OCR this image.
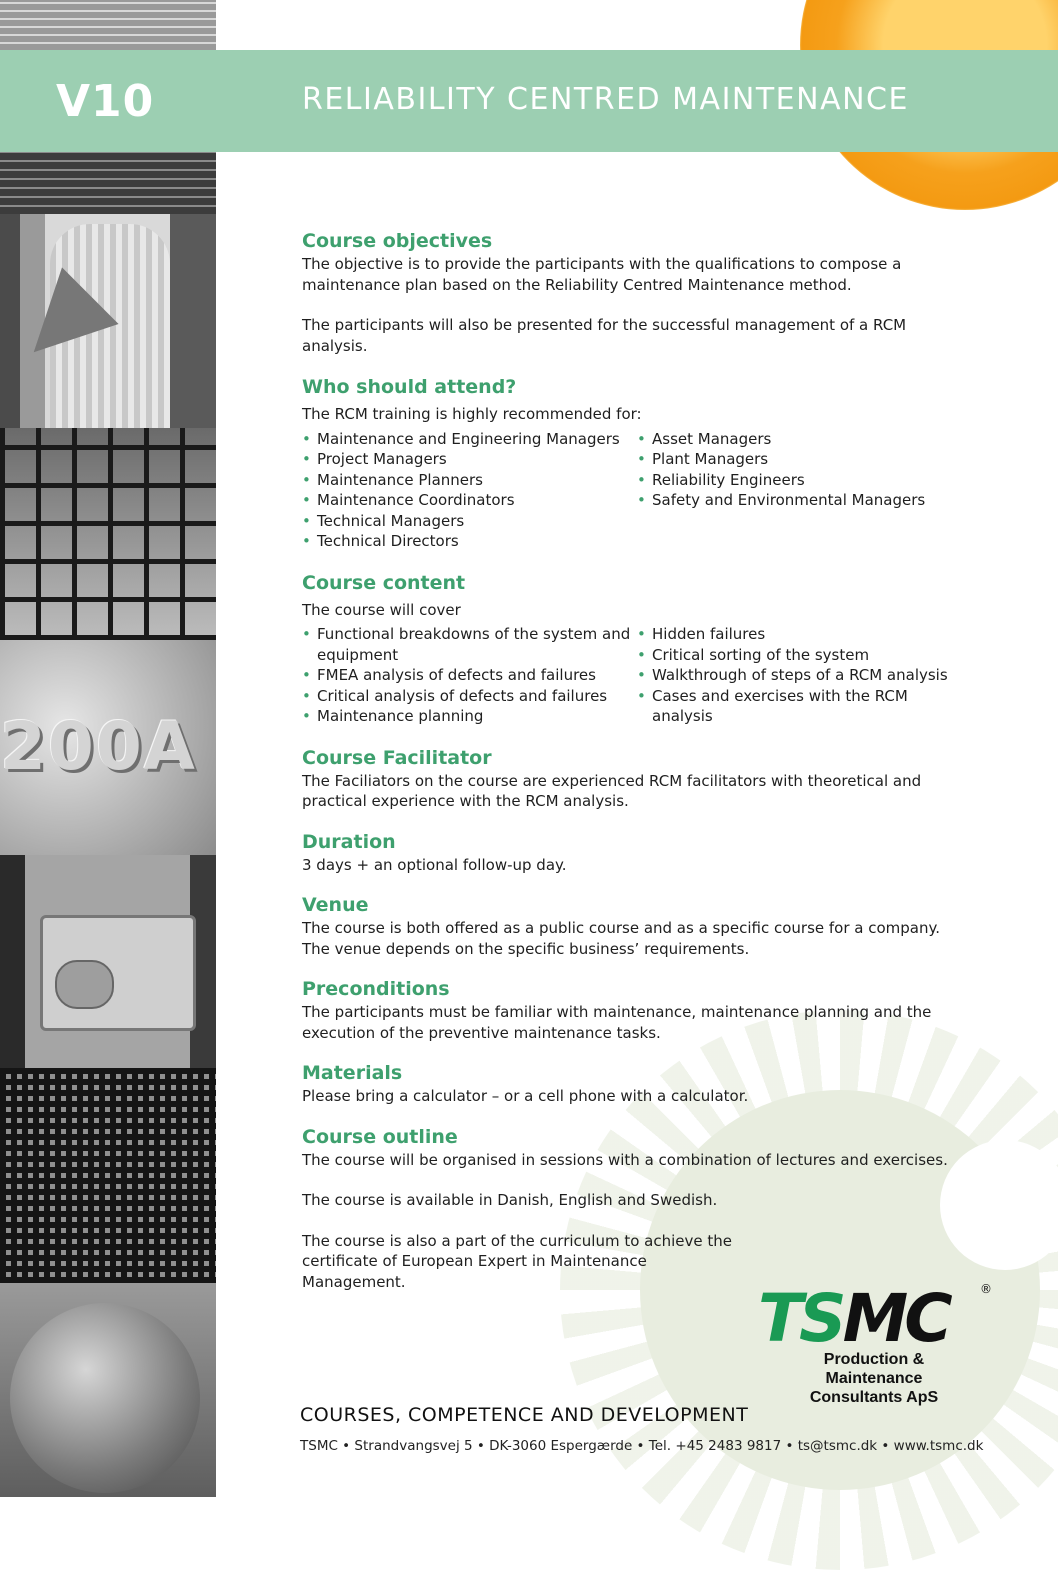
200A
V10	RELIABILITY CENTRED MAINTENANCE
Course objectives

The objective is to provide the participants with the qualifications to compose a maintenance plan based on the Reliability Centred Maintenance method.

The participants will also be presented for the successful management of a RCM analysis.

Who should attend?

The RCM training is highly recommended for:

• Maintenance and Engineering Managers
• Project Managers
• Maintenance Planners
• Maintenance Coordinators
• Technical Managers
• Technical Directors
• Asset Managers
• Plant Managers
• Reliability Engineers
• Safety and Environmental Managers
Course content

The course will cover

• Functional breakdowns of the system and equipment
• FMEA analysis of defects and failures
• Critical analysis of defects and failures
• Maintenance planning
• Hidden failures
• Critical sorting of the system
• Walkthrough of steps of a RCM analysis
• Cases and exercises with the RCM analysis
Course Facilitator

The Faciliators on the course are experienced RCM facilitators with theoretical and practical experience with the RCM analysis.

Duration

3 days + an optional follow-up day.

Venue

The course is both offered as a public course and as a specific course for a company. The venue depends on the specific business’ requirements.

Preconditions

The participants must be familiar with maintenance, maintenance planning and the execution of the preventive maintenance tasks.

Materials

Please bring a calculator – or a cell phone with a calculator.

Course outline

The course will be organised in sessions with a combination of lectures and exercises.

The course is available in Danish, English and Swedish.

The course is also a part of the curriculum to achieve the certificate of European Expert in Maintenance Management.	TSMC	®
Production & Maintenance
Consultants ApS
COURSES, COMPETENCE AND DEVELOPMENT
TSMC • Strandvangsvej 5 • DK-3060 Espergærde • Tel. +45 2483 9817 • ts@tsmc.dk • www.tsmc.dk
